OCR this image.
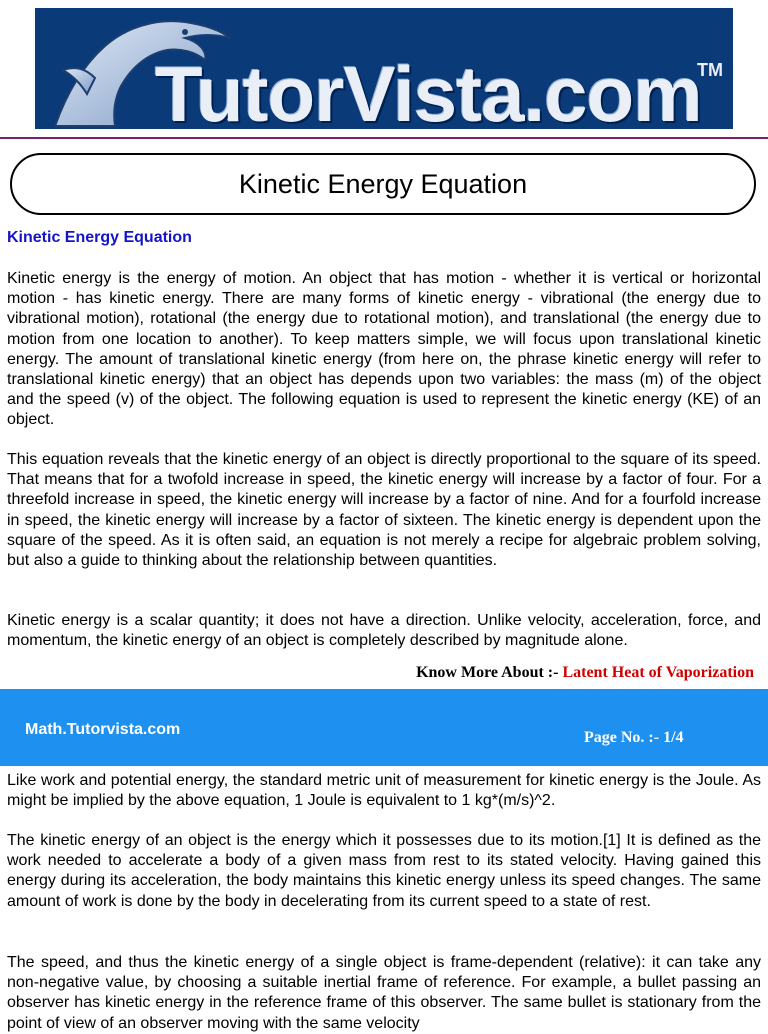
TutorVista.com
TM
Kinetic Energy Equation
Kinetic Energy Equation

Kinetic energy is the energy of motion. An object that has motion - whether it is vertical or horizontal motion - has kinetic energy. There are many forms of kinetic energy - vibrational (the energy due to vibrational motion), rotational (the energy due to rotational motion), and translational (the energy due to motion from one location to another). To keep matters simple, we will focus upon translational kinetic energy. The amount of translational kinetic energy (from here on, the phrase kinetic energy will refer to translational kinetic energy) that an object has depends upon two variables: the mass (m) of the object and the speed (v) of the object. The following equation is used to represent the kinetic energy (KE) of an object.

This equation reveals that the kinetic energy of an object is directly proportional to the square of its speed. That means that for a twofold increase in speed, the kinetic energy will increase by a factor of four. For a threefold increase in speed, the kinetic energy will increase by a factor of nine. And for a fourfold increase in speed, the kinetic energy will increase by a factor of sixteen. The kinetic energy is dependent upon the square of the speed. As it is often said, an equation is not merely a recipe for algebraic problem solving, but also a guide to thinking about the relationship between quantities.

Kinetic energy is a scalar quantity; it does not have a direction. Unlike velocity, acceleration, force, and momentum, the kinetic energy of an object is completely described by magnitude alone.

Know More About :- Latent Heat of Vaporization
Math.Tutorvista.com	Page No. :- 1/4

Like work and potential energy, the standard metric unit of measurement for kinetic energy is the Joule. As might be implied by the above equation, 1 Joule is equivalent to 1 kg*(m/s)^2.

The kinetic energy of an object is the energy which it possesses due to its motion.[1] It is defined as the work needed to accelerate a body of a given mass from rest to its stated velocity. Having gained this energy during its acceleration, the body maintains this kinetic energy unless its speed changes. The same amount of work is done by the body in decelerating from its current speed to a state of rest.

The speed, and thus the kinetic energy of a single object is frame-dependent (relative): it can take any non-negative value, by choosing a suitable inertial frame of reference. For example, a bullet passing an observer has kinetic energy in the reference frame of this observer. The same bullet is stationary from the point of view of an observer moving with the same velocity
